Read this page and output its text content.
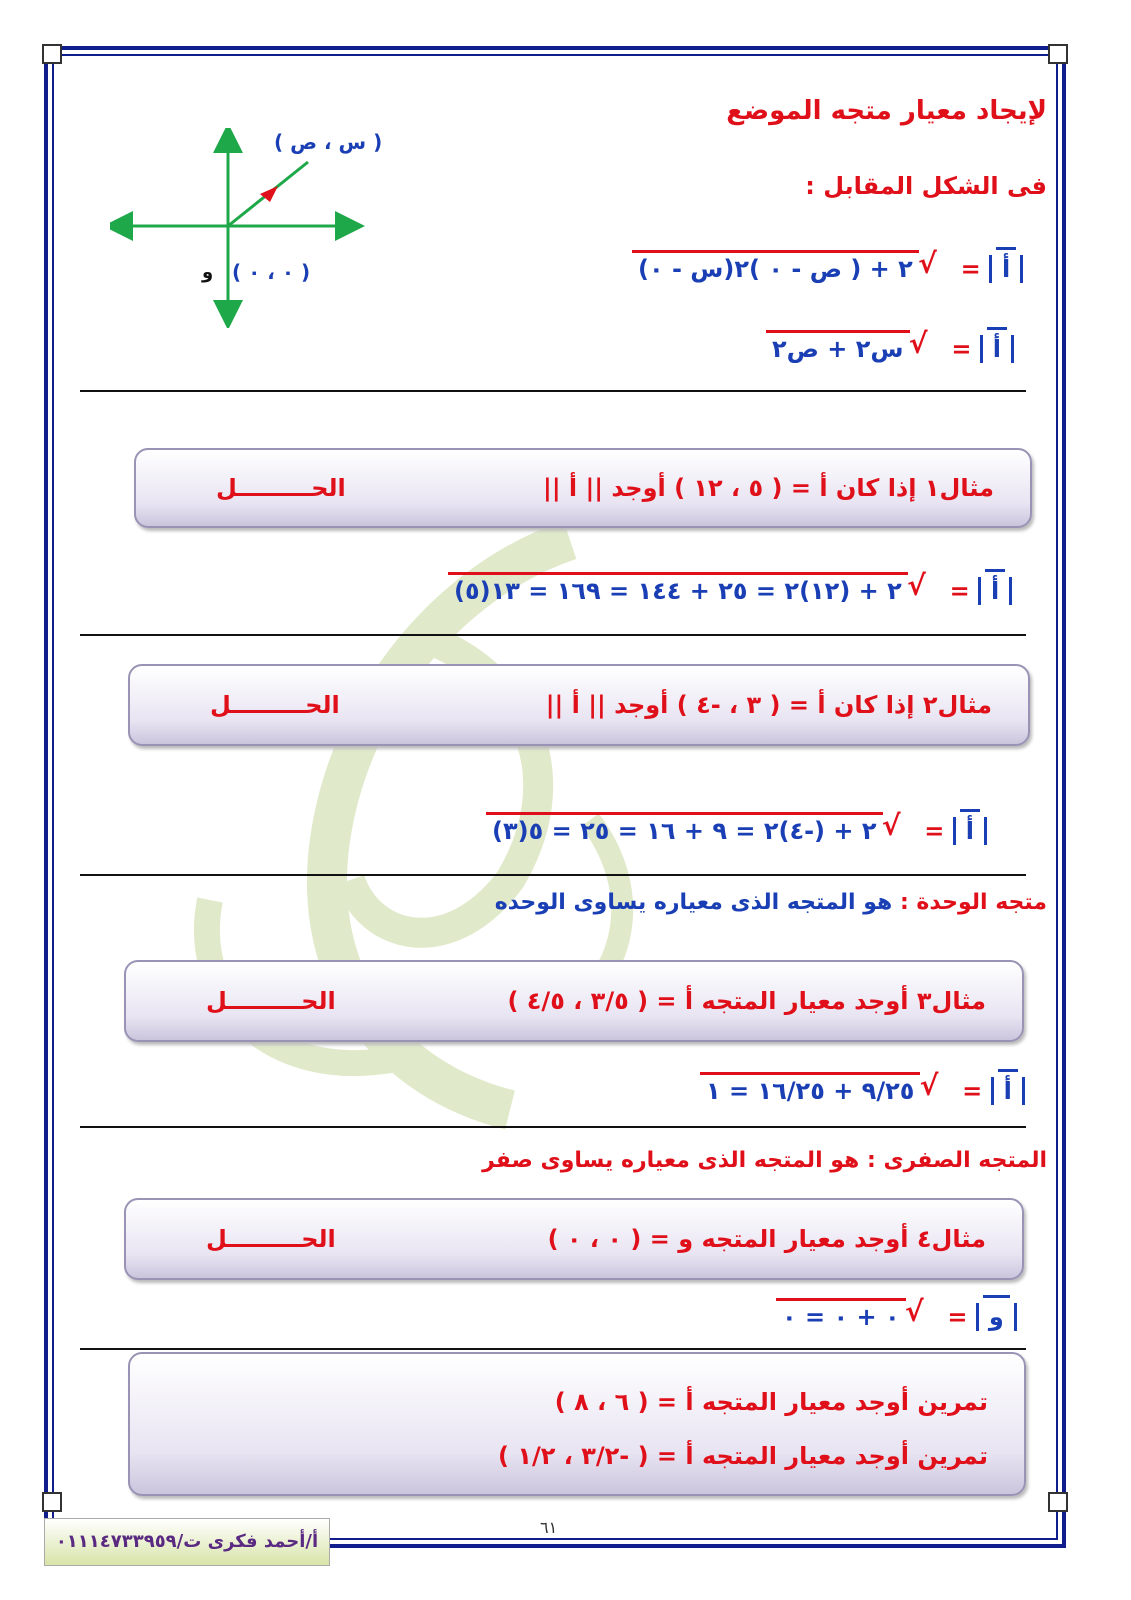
لإيجاد معيار متجه الموضع
فى الشكل المقابل :
( س ، ص )
( ٠ ، ٠ )
و
√	(س - ٠)٢ + ( ص - ٠ )٢     = أ
√ س٢ + ص٢     = أ
مثال١ إذا كان أ = ( ٥ ، ١٢ ) أوجد || أ ||
الحـــــــــل
√ (٥)٢ + (١٢)٢ = ٢٥ + ١٤٤ = ١٦٩ = ١٣     = أ
مثال٢ إذا كان أ = ( ٣ ، -٤ ) أوجد || أ ||
الحـــــــــل
√ (٣)٢ + (-٤)٢ = ٩ + ١٦ = ٢٥ = ٥     = أ
متجه الوحدة : هو المتجه الذى معياره يساوى الوحده
مثال٣ أوجد معيار المتجه أ = ( ٣/٥ ، ٤/٥ )
الحـــــــــل
√ ٩/٢٥ + ١٦/٢٥ = ١     = أ
المتجه الصفرى : هو المتجه الذى معياره يساوى صفر
مثال٤ أوجد معيار المتجه و = ( ٠ ، ٠ )
الحـــــــــل
√ ٠ + ٠ = ٠     = و
تمرين أوجد معيار المتجه أ = ( ٦ ، ٨ )
تمرين أوجد معيار المتجه أ = ( -٣/٢ ، ١/٢ )
٦١
أ/أحمد فكرى ت/٠١١١٤٧٣٣٩٥٩
